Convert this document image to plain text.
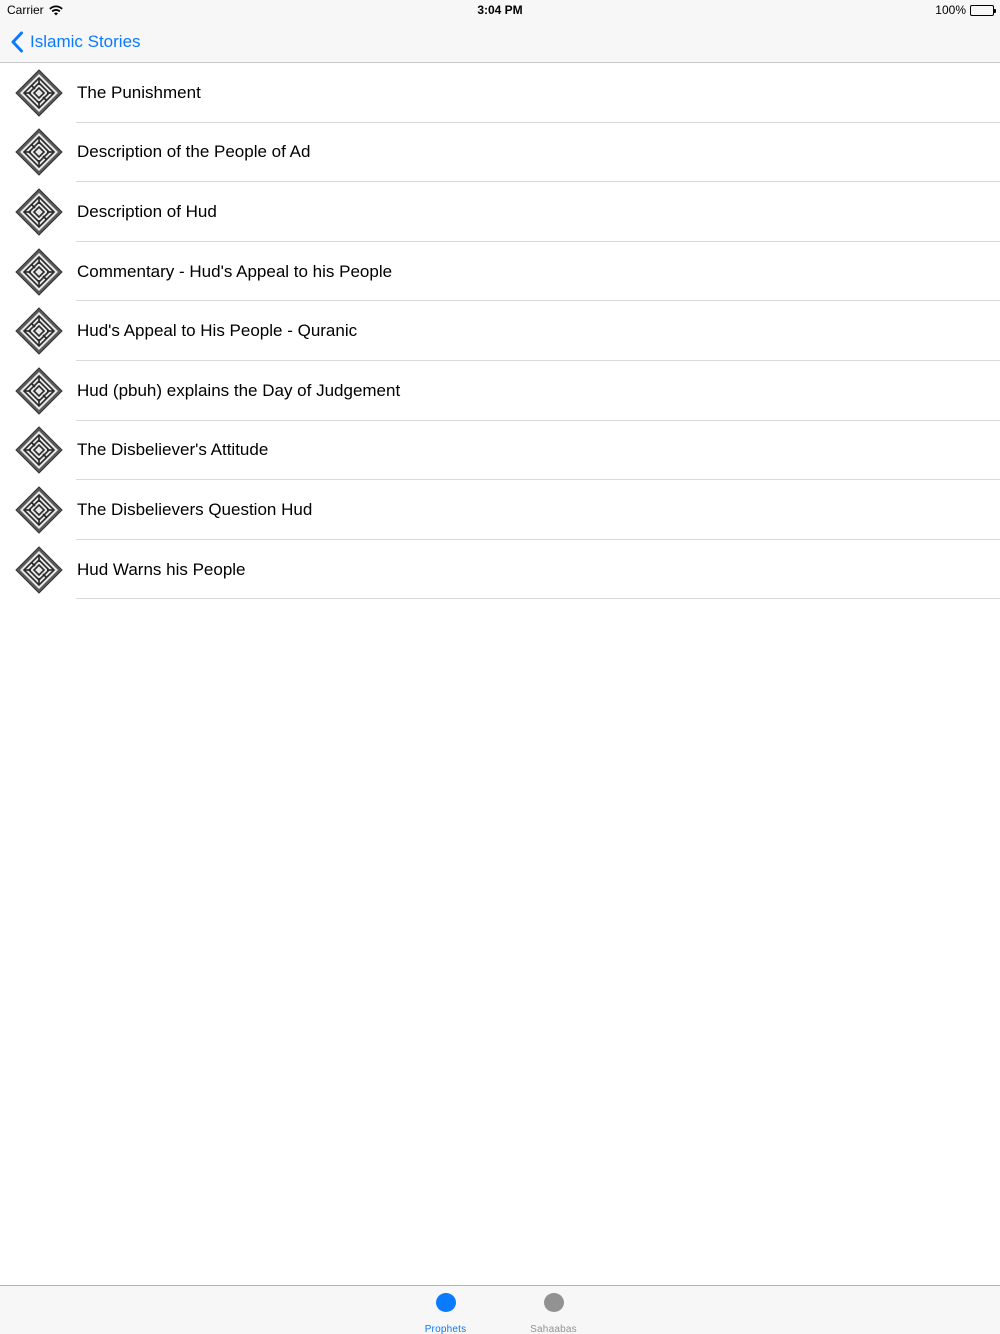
Carrier	3:04 PM	100%
Islamic Stories
The Punishment
Description of the People of Ad
Description of Hud
Commentary - Hud's Appeal to his People
Hud's Appeal to His People - Quranic
Hud (pbuh) explains the Day of Judgement
The Disbeliever's Attitude
The Disbelievers Question Hud
Hud Warns his People
Prophets	Sahaabas
